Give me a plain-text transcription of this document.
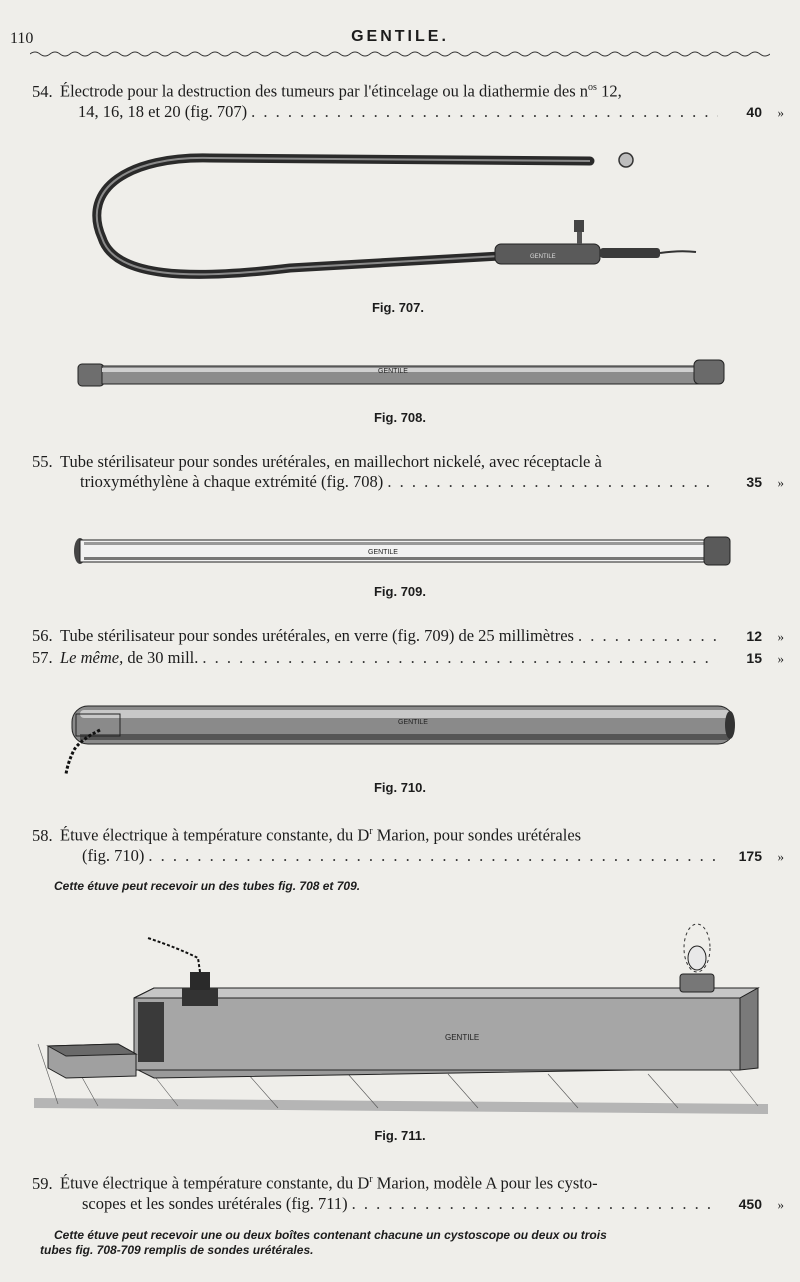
110	GENTILE.
54. Électrode pour la destruction des tumeurs par l'étincelage ou la diathermie des $n^{os}$ 12,
14, 16, 18 et 20 (fig. 707) . . .	40	»
GENTILE
Fig. 707.
GENTILE
Fig. 708.
55. Tube stérilisateur pour sondes urétérales, en maillechort nickelé, avec réceptacle à
trioxyméthylène à chaque extrémité (fig. 708) . . .	35	»
GENTILE
Fig. 709.
56. Tube stérilisateur pour sondes urétérales, en verre (fig. 709) de 25 millimètres . . .	12	»
57. Le même, de 30 mill. . . .	15	»
GENTILE
Fig. 710.
58. Étuve électrique à température constante, du $D^r$ Marion, pour sondes urétérales
(fig. 710) . . .	175	»
Cette étuve peut recevoir un des tubes fig. 708 et 709.
GENTILE
Fig. 711.
59. Étuve électrique à température constante, du $D^r$ Marion, modèle A pour les cysto-
scopes et les sondes urétérales (fig. 711) . . .	450	»
Cette étuve peut recevoir une ou deux boîtes contenant chacune un cystoscope ou deux ou trois
tubes fig. 708-709 remplis de sondes urétérales.
